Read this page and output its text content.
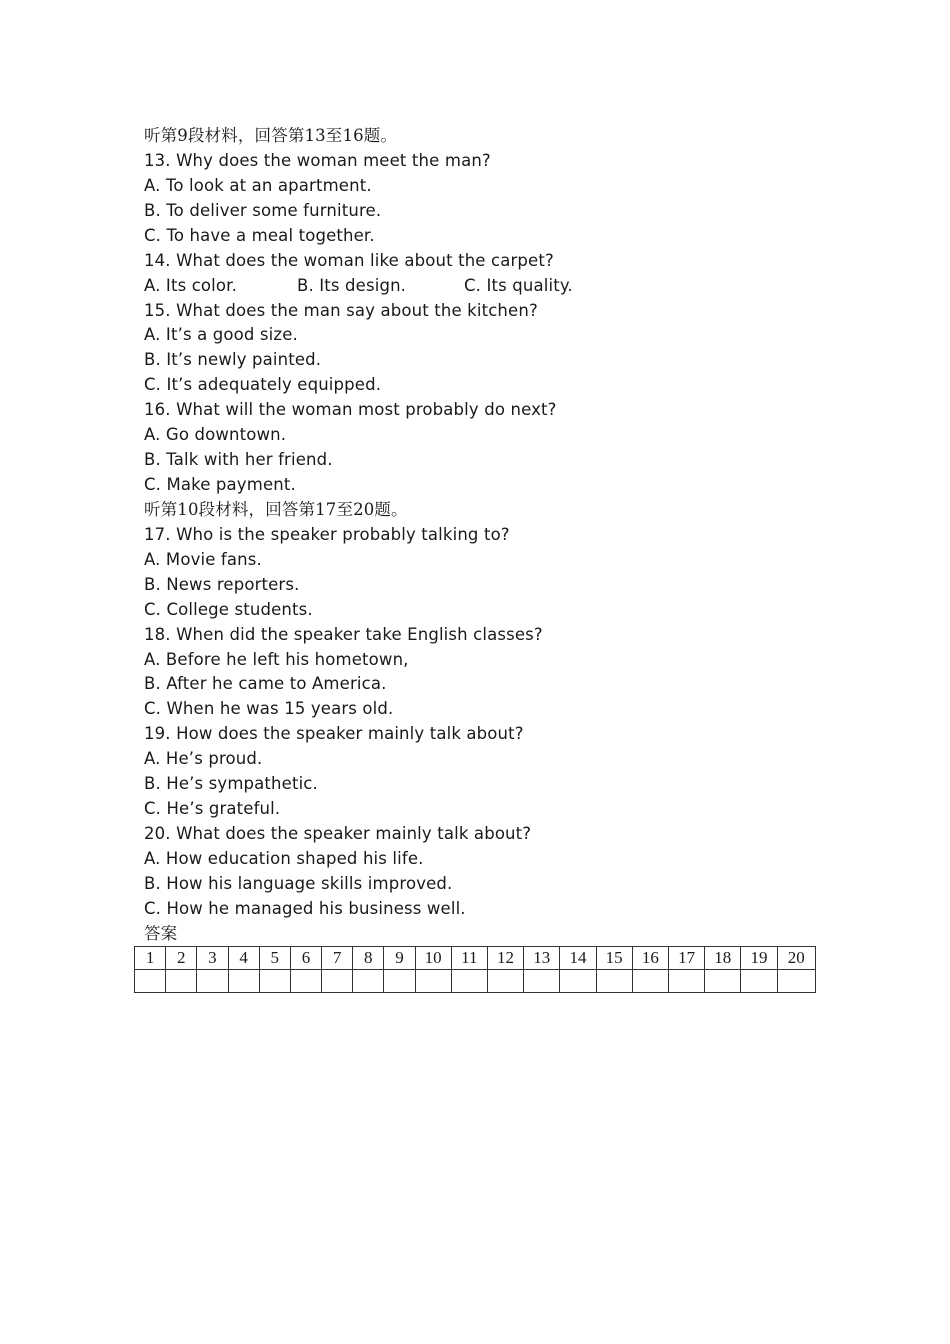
听第9段材料，回答第13至16题。
13. Why does the woman meet the man?
A. To look at an apartment.
B. To deliver some furniture.
C. To have a meal together.
14. What does the woman like about the carpet?
A. Its color.	B. Its design.	C. Its quality.
15. What does the man say about the kitchen?
A. It’s a good size.
B. It’s newly painted.
C. It’s adequately equipped.
16. What will the woman most probably do next?
A. Go downtown.
B. Talk with her friend.
C. Make payment.
听第10段材料，回答第17至20题。
17. Who is the speaker probably talking to?
A. Movie fans.
B. News reporters.
C. College students.
18. When did the speaker take English classes?
A. Before he left his hometown,
B. After he came to America.
C. When he was 15 years old.
19. How does the speaker mainly talk about?
A. He’s proud.
B. He’s sympathetic.
C. He’s grateful.
20. What does the speaker mainly talk about?
A. How education shaped his life.
B. How his language skills improved.
C. How he managed his business well.
答案
1	2	3	4	5	6	7	8	9	10	11	12	13	14	15	16	17	18	19	20
